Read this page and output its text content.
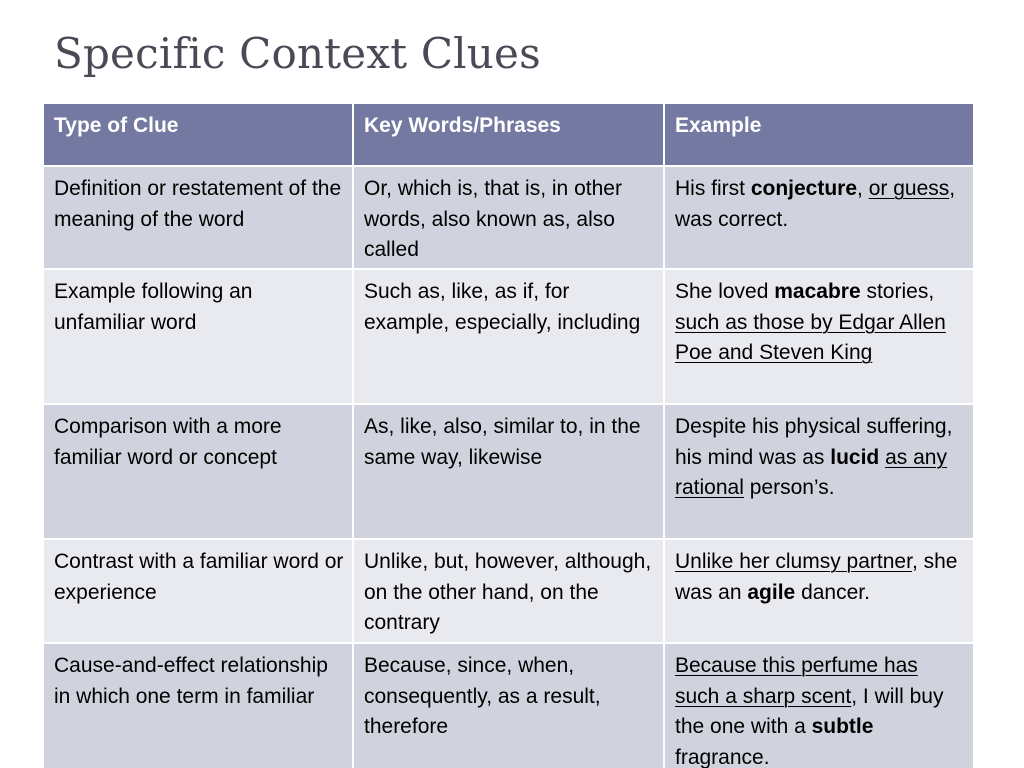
Specific Context Clues
Type of Clue	Key Words/Phrases	Example
Definition or restatement of the meaning of the word	Or, which is, that is, in other words, also known as, also called	His first conjecture, or guess, was correct.
Example following an unfamiliar word	Such as, like, as if, for example, especially, including	She loved macabre stories, such as those by Edgar Allen Poe and Steven King
Comparison with a more familiar word or concept	As, like, also, similar to, in the same way, likewise	Despite his physical suffering, his mind was as lucid as any rational person’s.
Contrast with a familiar word or experience	Unlike, but, however, although, on the other hand, on the contrary	Unlike her clumsy partner, she was an agile dancer.
Cause-and-effect relationship in which one term in familiar	Because, since, when, consequently, as a result, therefore	Because this perfume has such a sharp scent, I will buy the one with a subtle fragrance.
